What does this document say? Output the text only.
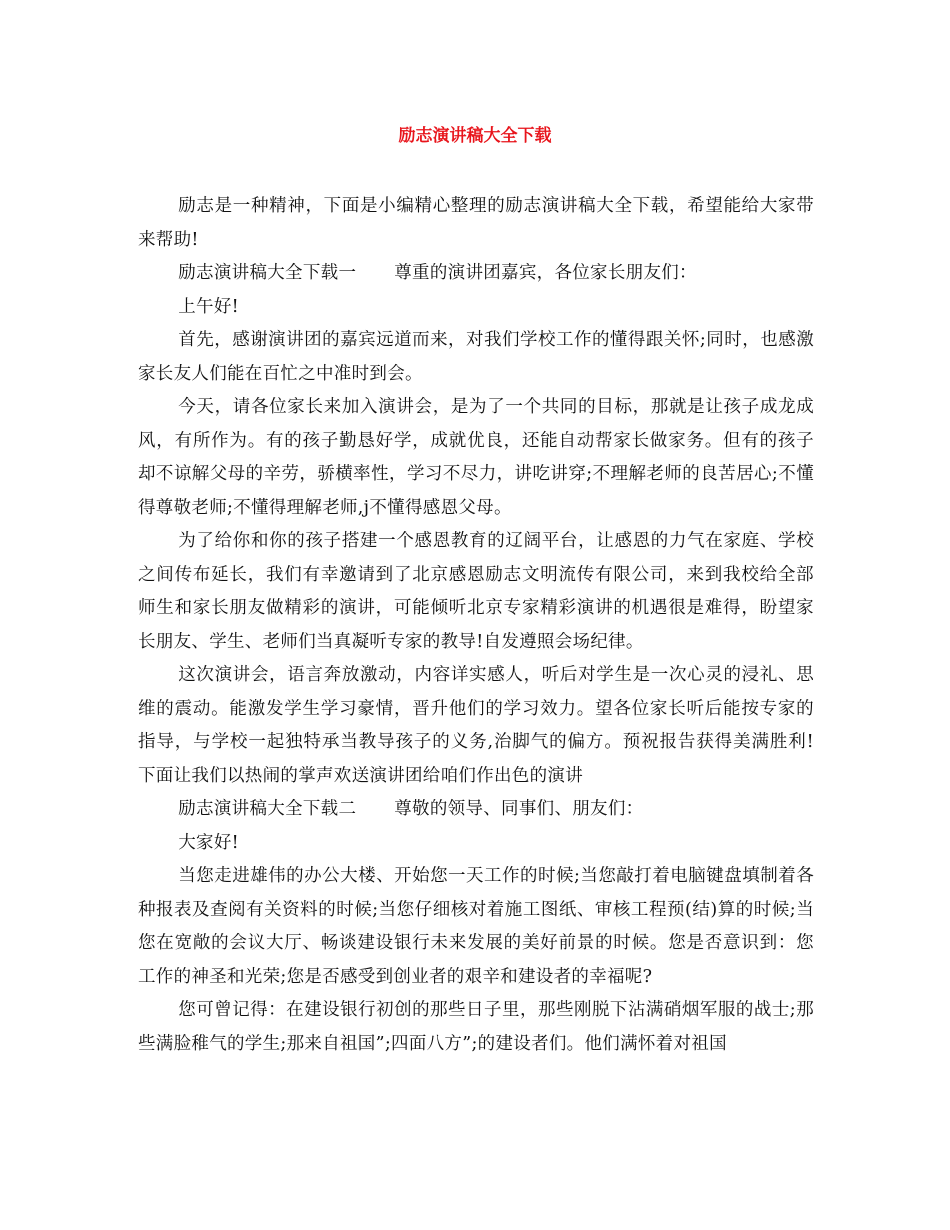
励志演讲稿大全下载

励志是一种精神，下面是小编精心整理的励志演讲稿大全下载，希望能给大家带来帮助!

励志演讲稿大全下载一 尊重的演讲团嘉宾，各位家长朋友们：

上午好!

首先，感谢演讲团的嘉宾远道而来，对我们学校工作的懂得跟关怀;同时，也感激家长友人们能在百忙之中准时到会。

今天，请各位家长来加入演讲会，是为了一个共同的目标，那就是让孩子成龙成风，有所作为。有的孩子勤恳好学，成就优良，还能自动帮家长做家务。但有的孩子却不谅解父母的辛劳，骄横率性，学习不尽力，讲吃讲穿;不理解老师的良苦居心;不懂得尊敬老师;不懂得理解老师,j不懂得感恩父母。

为了给你和你的孩子搭建一个感恩教育的辽阔平台，让感恩的力气在家庭、学校之间传布延长，我们有幸邀请到了北京感恩励志文明流传有限公司，来到我校给全部师生和家长朋友做精彩的演讲，可能倾听北京专家精彩演讲的机遇很是难得，盼望家长朋友、学生、老师们当真凝听专家的教导!自发遵照会场纪律。

这次演讲会，语言奔放激动，内容详实感人，听后对学生是一次心灵的浸礼、思维的震动。能激发学生学习豪情，晋升他们的学习效力。望各位家长听后能按专家的指导，与学校一起独特承当教导孩子的义务,治脚气的偏方。预祝报告获得美满胜利! 下面让我们以热闹的掌声欢送演讲团给咱们作出色的演讲

励志演讲稿大全下载二 尊敬的领导、同事们、朋友们：

大家好!

当您走进雄伟的办公大楼、开始您一天工作的时候;当您敲打着电脑键盘填制着各种报表及查阅有关资料的时候;当您仔细核对着施工图纸、审核工程预(结)算的时候;当您在宽敞的会议大厅、畅谈建设银行未来发展的美好前景的时候。您是否意识到：您工作的神圣和光荣;您是否感受到创业者的艰辛和建设者的幸福呢?

您可曾记得：在建设银行初创的那些日子里，那些刚脱下沾满硝烟军服的战士;那些满脸稚气的学生;那来自祖国”;四面八方”;的建设者们。他们满怀着对祖国
